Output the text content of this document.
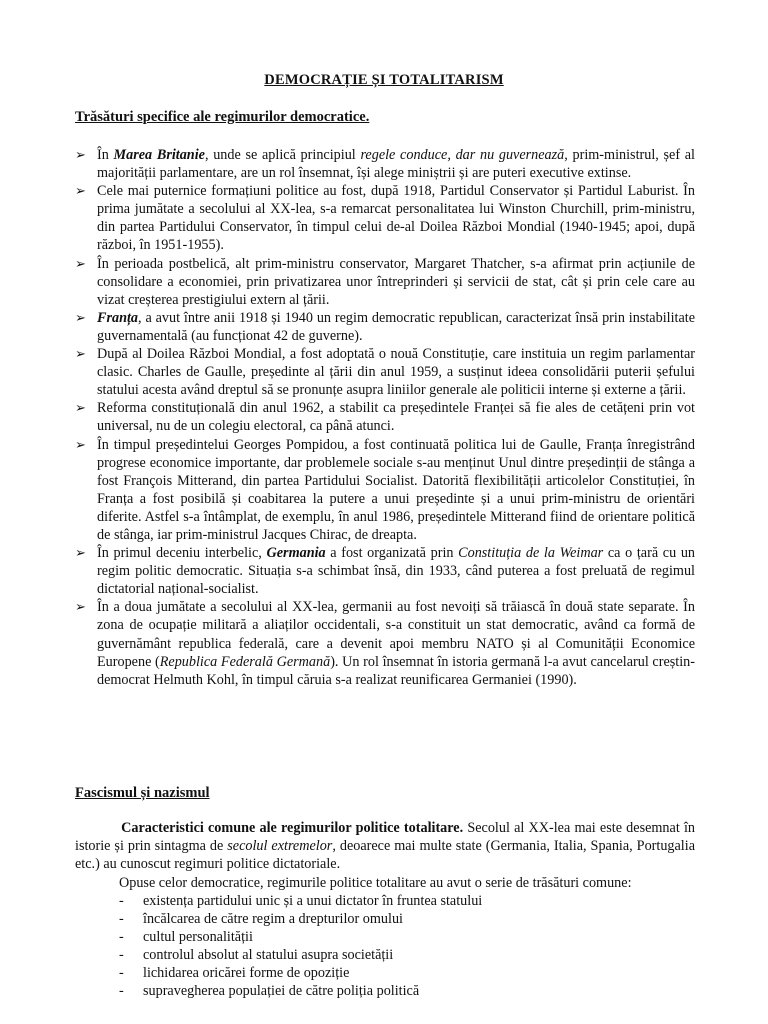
DEMOCRAȚIE ȘI TOTALITARISM
Trăsături specifice ale regimurilor democratice.
➢ În Marea Britanie, unde se aplică principiul regele conduce, dar nu guvernează, prim-ministrul, șef al majorității parlamentare, are un rol însemnat, își alege miniștrii și are puteri executive extinse.
➢ Cele mai puternice formațiuni politice au fost, după 1918, Partidul Conservator și Partidul Laburist. În prima jumătate a secolului al XX-lea, s-a remarcat personalitatea lui Winston Churchill, prim-ministru, din partea Partidului Conservator, în timpul celui de-al Doilea Război Mondial (1940-1945; apoi, după război, în 1951-1955).
➢ În perioada postbelică, alt prim-ministru conservator, Margaret Thatcher, s-a afirmat prin acțiunile de consolidare a economiei, prin privatizarea unor întreprinderi și servicii de stat, cât și prin cele care au vizat creșterea prestigiului extern al țării.
➢ Franța, a avut între anii 1918 și 1940 un regim democratic republican, caracterizat însă prin instabilitate guvernamentală (au funcționat 42 de guverne).
➢ După al Doilea Război Mondial, a fost adoptată o nouă Constituție, care instituia un regim parlamentar clasic. Charles de Gaulle, președinte al țării din anul 1959, a susținut ideea consolidării puterii șefului statului acesta având dreptul să se pronunțe asupra liniilor generale ale politicii interne și externe a țării.
➢ Reforma constituțională din anul 1962, a stabilit ca președintele Franței să fie ales de cetățeni prin vot universal, nu de un colegiu electoral, ca până atunci.
➢ În timpul președintelui Georges Pompidou, a fost continuată politica lui de Gaulle, Franța înregistrând progrese economice importante, dar problemele sociale s-au menținut Unul dintre președinții de stânga a fost François Mitterand, din partea Partidului Socialist. Datorită flexibilității articolelor Constituției, în Franța a fost posibilă și coabitarea la putere a unui președinte și a unui prim-ministru de orientări diferite. Astfel s-a întâmplat, de exemplu, în anul 1986, președintele Mitterand fiind de orientare politică de stânga, iar prim-ministrul Jacques Chirac, de dreapta.
➢ În primul deceniu interbelic, Germania a fost organizată prin Constituția de la Weimar ca o țară cu un regim politic democratic. Situația s-a schimbat însă, din 1933, când puterea a fost preluată de regimul dictatorial național-socialist.
➢ În a doua jumătate a secolului al XX-lea, germanii au fost nevoiți să trăiască în două state separate. În zona de ocupație militară a aliaților occidentali, s-a constituit un stat democratic, având ca formă de guvernământ republica federală, care a devenit apoi membru NATO și al Comunității Economice Europene (Republica Federală Germană). Un rol însemnat în istoria germană l-a avut cancelarul creștin-democrat Helmuth Kohl, în timpul căruia s-a realizat reunificarea Germaniei (1990).
Fascismul și nazismul

Caracteristici comune ale regimurilor politice totalitare. Secolul al XX-lea mai este desemnat în istorie și prin sintagma de secolul extremelor, deoarece mai multe state (Germania, Italia, Spania, Portugalia etc.) au cunoscut regimuri politice dictatoriale.

Opuse celor democratice, regimurile politice totalitare au avut o serie de trăsături comune:

- existența partidului unic și a unui dictator în fruntea statului
- încălcarea de către regim a drepturilor omului
- cultul personalității
- controlul absolut al statului asupra societății
- lichidarea oricărei forme de opoziție
- supravegherea populației de către poliția politică
